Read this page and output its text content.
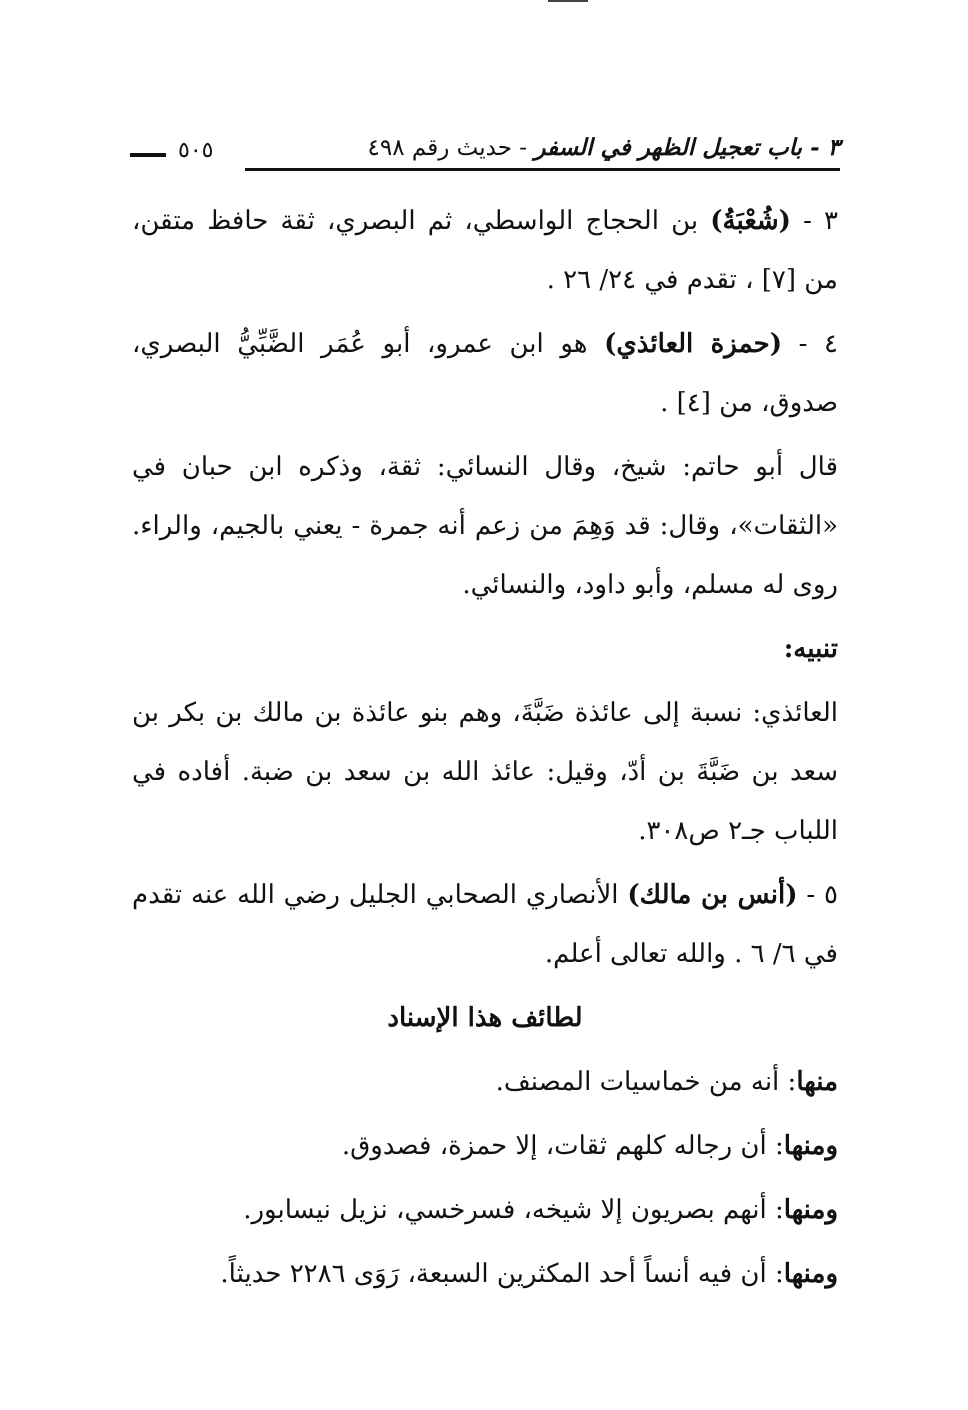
٣ - باب تعجيل الظهر في السفر - حديث رقم ٤٩٨
٥٠٥

٣ - (شُعْبَةُ) بن الحجاج الواسطي، ثم البصري، ثقة حافظ متقن، من [٧] ، تقدم في ٢٤/ ٢٦ .

٤ - (حمزة العائذي) هو ابن عمرو، أبو عُمَر الضَّبِّيُّ البصري، صدوق، من [٤] .

قال أبو حاتم: شيخ، وقال النسائي: ثقة، وذكره ابن حبان في «الثقات»، وقال: قد وَهِمَ من زعم أنه جمرة - يعني بالجيم، والراء. روى له مسلم، وأبو داود، والنسائي.

تنبيه:

العائذي: نسبة إلى عائذة ضَبَّةَ، وهم بنو عائذة بن مالك بن بكر بن سعد بن ضَبَّةَ بن أدّ، وقيل: عائذ الله بن سعد بن ضبة. أفاده في اللباب جـ٢ ص٣٠٨.

٥ - (أنس بن مالك) الأنصاري الصحابي الجليل رضي الله عنه تقدم في ٦/ ٦ . والله تعالى أعلم.

لطائف هذا الإسناد

منها: أنه من خماسيات المصنف.

ومنها: أن رجاله كلهم ثقات، إلا حمزة، فصدوق.

ومنها: أنهم بصريون إلا شيخه، فسرخسي، نزيل نيسابور.

ومنها: أن فيه أنساً أحد المكثرين السبعة، رَوَى ٢٢٨٦ حديثاً.
